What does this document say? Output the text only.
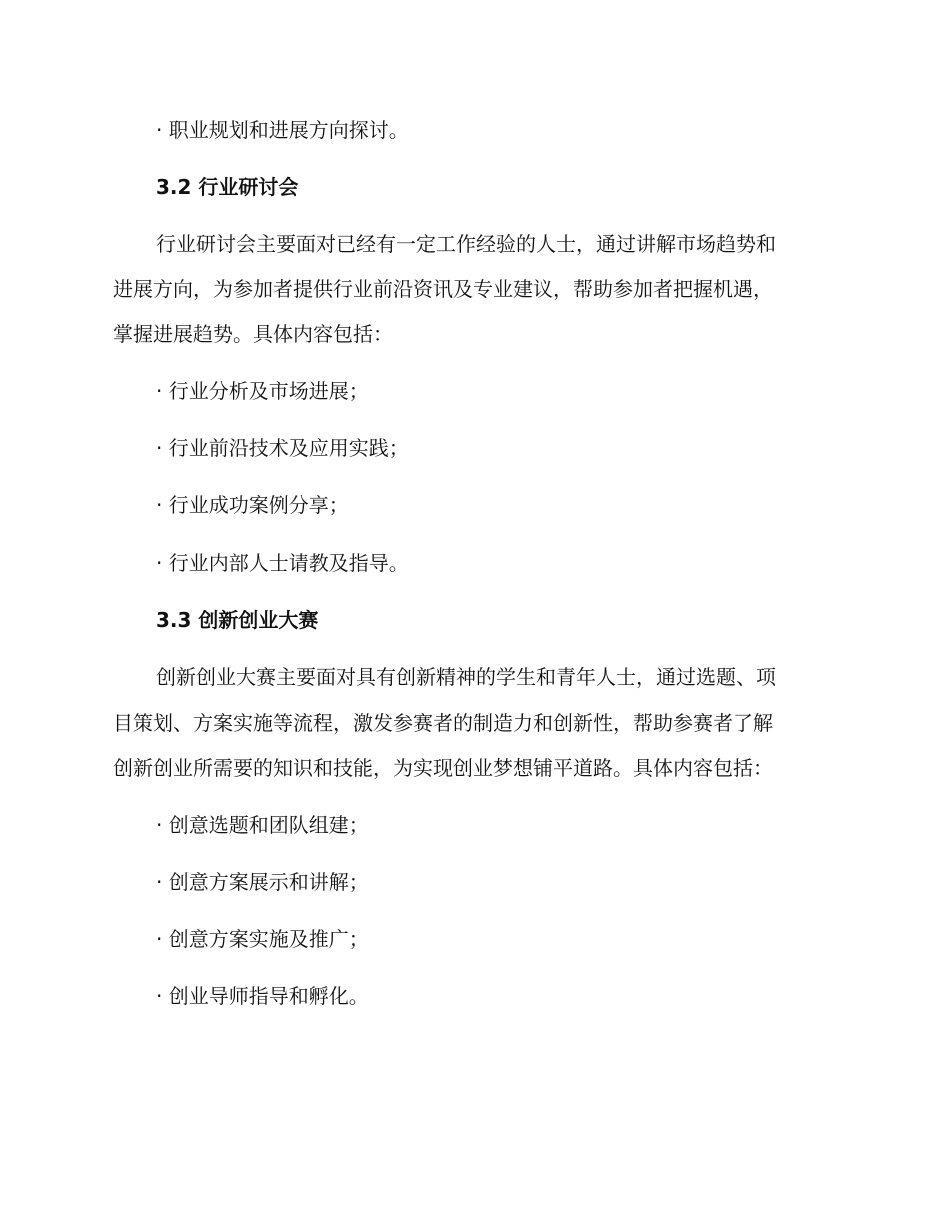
· 职业规划和进展方向探讨。
3.2 行业研讨会
行业研讨会主要面对已经有一定工作经验的人士，通过讲解市场趋势和
进展方向，为参加者提供行业前沿资讯及专业建议，帮助参加者把握机遇，
掌握进展趋势。具体内容包括：
· 行业分析及市场进展；
· 行业前沿技术及应用实践；
· 行业成功案例分享；
· 行业内部人士请教及指导。
3.3 创新创业大赛
创新创业大赛主要面对具有创新精神的学生和青年人士，通过选题、项
目策划、方案实施等流程，激发参赛者的制造力和创新性，帮助参赛者了解
创新创业所需要的知识和技能，为实现创业梦想铺平道路。具体内容包括：
· 创意选题和团队组建；
· 创意方案展示和讲解；
· 创意方案实施及推广；
· 创业导师指导和孵化。
